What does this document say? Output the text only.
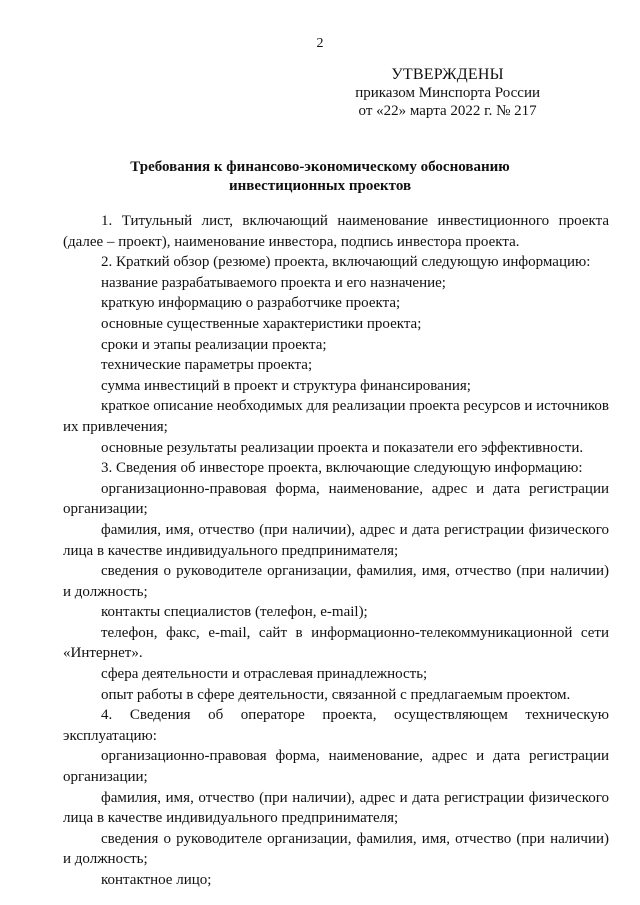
2
УТВЕРЖДЕНЫ
приказом Минспорта России
от «22» марта 2022 г. № 217
Требования к финансово-экономическому обоснованию
инвестиционных проектов

1. Титульный лист, включающий наименование инвестиционного проекта (далее – проект), наименование инвестора, подпись инвестора проекта.

2. Краткий обзор (резюме) проекта, включающий следующую информацию:

название разрабатываемого проекта и его назначение;

краткую информацию о разработчике проекта;

основные существенные характеристики проекта;

сроки и этапы реализации проекта;

технические параметры проекта;

сумма инвестиций в проект и структура финансирования;

краткое описание необходимых для реализации проекта ресурсов и источников их привлечения;

основные результаты реализации проекта и показатели его эффективности.

3. Сведения об инвесторе проекта, включающие следующую информацию:

организационно-правовая форма, наименование, адрес и дата регистрации организации;

фамилия, имя, отчество (при наличии), адрес и дата регистрации физического лица в качестве индивидуального предпринимателя;

сведения о руководителе организации, фамилия, имя, отчество (при наличии) и должность;

контакты специалистов (телефон, e-mail);

телефон, факс, e-mail, сайт в информационно-телекоммуникационной сети «Интернет».

сфера деятельности и отраслевая принадлежность;

опыт работы в сфере деятельности, связанной с предлагаемым проектом.

4. Сведения об операторе проекта, осуществляющем техническую эксплуатацию:

организационно-правовая форма, наименование, адрес и дата регистрации организации;

фамилия, имя, отчество (при наличии), адрес и дата регистрации физического лица в качестве индивидуального предпринимателя;

сведения о руководителе организации, фамилия, имя, отчество (при наличии) и должность;

контактное лицо;
